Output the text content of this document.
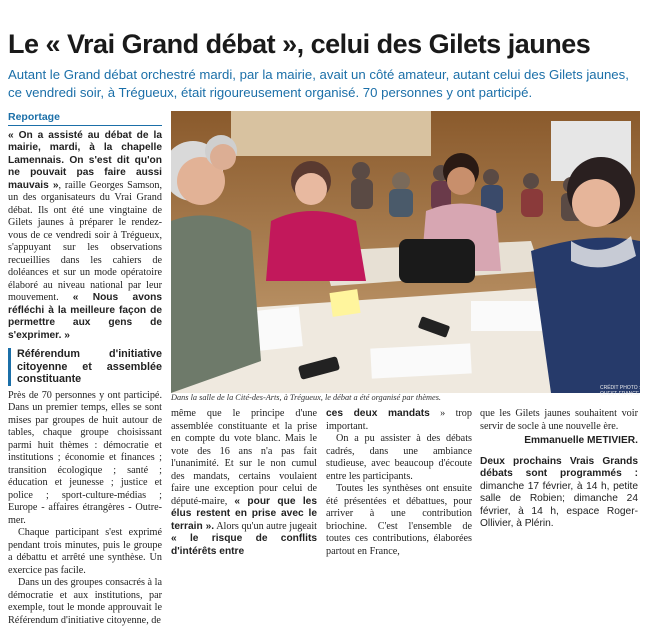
Le « Vrai Grand débat », celui des Gilets jaunes
Autant le Grand débat orchestré mardi, par la mairie, avait un côté amateur, autant celui des Gilets jaunes, ce vendredi soir, à Trégueux, était rigoureusement organisé. 70 personnes y ont participé.
Reportage

« On a assisté au débat de la mairie, mardi, à la chapelle Lamennais. On s'est dit qu'on ne pouvait pas faire aussi mauvais », raille Georges Samson, un des organisateurs du Vrai Grand débat. Ils ont été une vingtaine de Gilets jaunes à préparer le rendez-vous de ce vendredi soir à Trégueux, s'appuyant sur les observations recueillies dans les cahiers de doléances et sur un mode opératoire élaboré au niveau national par leur mouvement. « Nous avons réfléchi à la meilleure façon de permettre aux gens de s'exprimer. »

Référendum d'initiative citoyenne et assemblée constituante

Près de 70 personnes y ont participé. Dans un premier temps, elles se sont mises par groupes de huit autour de tables, chaque groupe choisissant parmi huit thèmes : démocratie et institutions ; économie et finances ; transition écologique ; santé ; éducation et jeunesse ; justice et police ; sport-culture-médias ; Europe - affaires étrangères - Outre-mer.

Chaque participant s'est exprimé pendant trois minutes, puis le groupe a débattu et arrêté une synthèse. Un exercice pas facile.

Dans un des groupes consacrés à la démocratie et aux institutions, par exemple, tout le monde approuvait le Référendum d'initiative citoyenne, de

CRÉDIT PHOTO : OUEST-FRANCE
Dans la salle de la Cité-des-Arts, à Trégueux, le débat a été organisé par thèmes.

même que le principe d'une assemblée constituante et la prise en compte du vote blanc. Mais le vote des 16 ans n'a pas fait l'unanimité. Et sur le non cumul des mandats, certains voulaient faire une exception pour celui de député-maire, « pour que les élus restent en prise avec le terrain ». Alors qu'un autre jugeait « le risque de conflits d'intérêts entre

ces deux mandats » trop important.

On a pu assister à des débats cadrés, dans une ambiance studieuse, avec beaucoup d'écoute entre les participants.

Toutes les synthèses ont ensuite été présentées et débattues, pour arriver à une contribution briochine. C'est l'ensemble de toutes ces contributions, élaborées partout en France,

que les Gilets jaunes souhaitent voir servir de socle à une nouvelle ère.

Emmanuelle METIVIER.
Deux prochains Vrais Grands débats sont programmés : dimanche 17 février, à 14 h, petite salle de Robien; dimanche 24 février, à 14 h, espace Roger-Ollivier, à Plérin.
